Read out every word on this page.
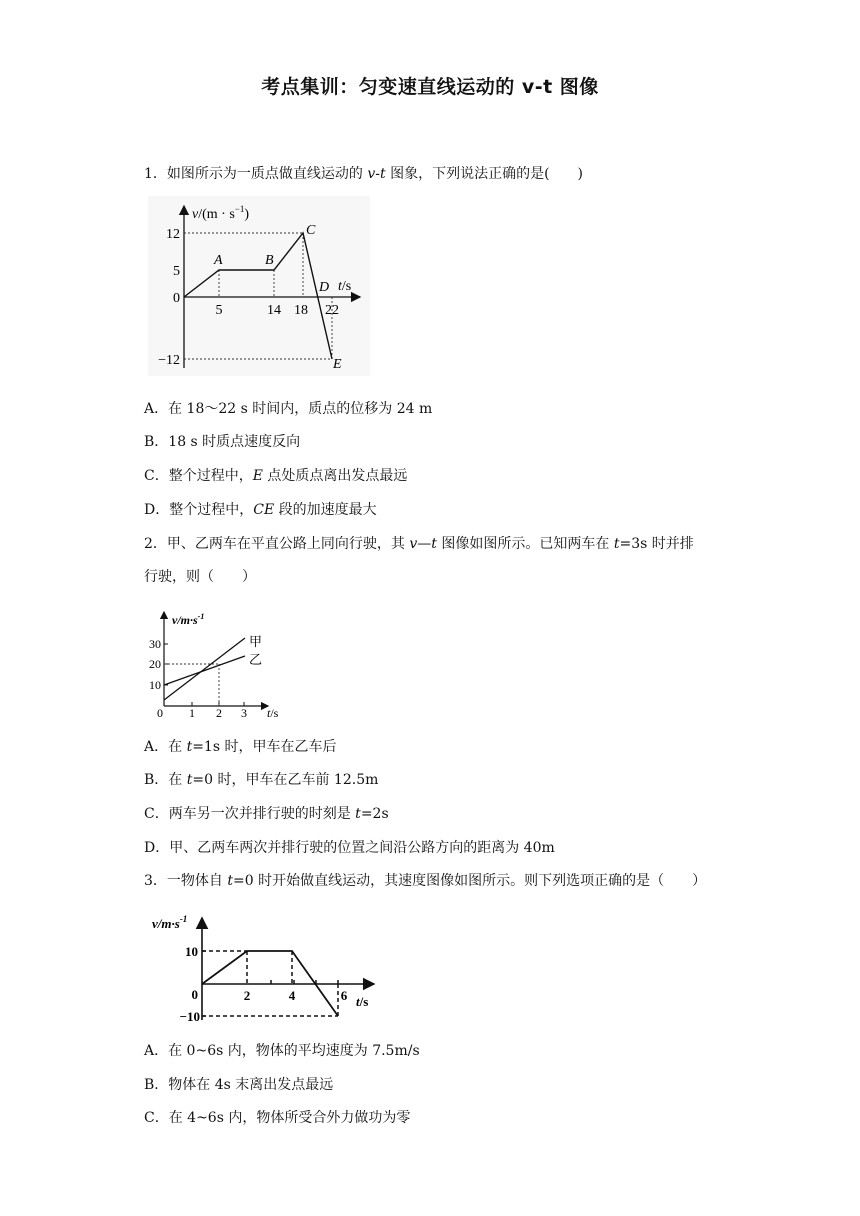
考点集训：匀变速直线运动的 v-t 图像
1．如图所示为一质点做直线运动的 v-t 图象，下列说法正确的是(　　)
$v/(m \cdot s^{-1})$
t/s
12
5
0
−12
5	14 18 22
A	B
C
D
E
A．在 18～22 s 时间内，质点的位移为 24 m
B．18 s 时质点速度反向
C．整个过程中，E 点处质点离出发点最远
D．整个过程中，CE 段的加速度最大
2．甲、乙两车在平直公路上同向行驶，其 v—t 图像如图所示。已知两车在 t=3s 时并排
行驶，则（　　）
$v/m\cdot s^{-1}$
t/s
30
20
10
0 1 2 3
甲
乙
A．在 t=1s 时，甲车在乙车后
B．在 t=0 时，甲车在乙车前 12.5m
C．两车另一次并排行驶的时刻是 t=2s
D．甲、乙两车两次并排行驶的位置之间沿公路方向的距离为 40m
3．一物体自 t=0 时开始做直线运动，其速度图像如图所示。则下列选项正确的是（　　）
$v/m\cdot s^{-1}$
t/s
10
0
−10
2	4	6
A．在 0~6s 内，物体的平均速度为 7.5m/s
B．物体在 4s 末离出发点最远
C．在 4~6s 内，物体所受合外力做功为零
